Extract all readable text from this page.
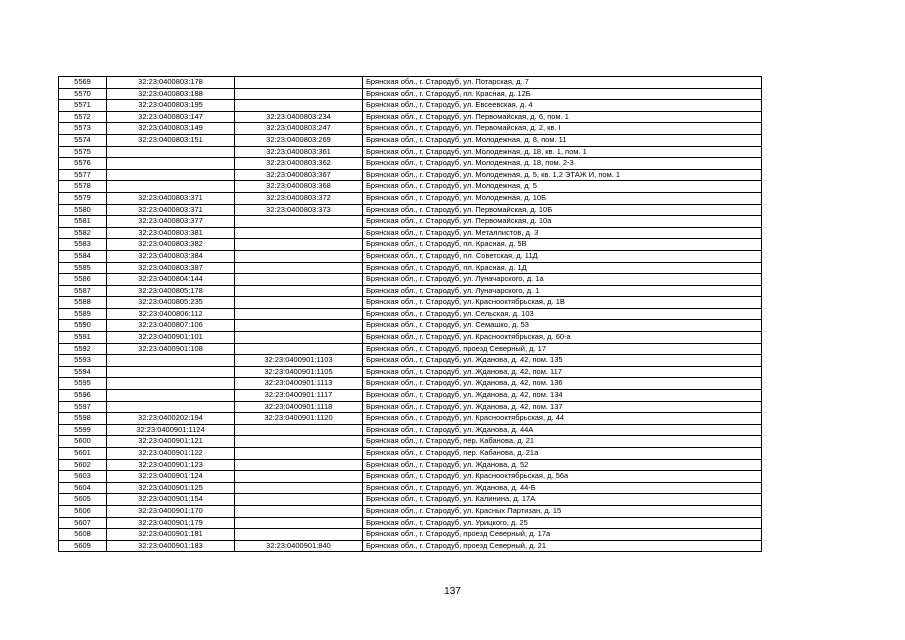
5569	32:23:0400803:178		Брянская обл., г. Стародуб, ул. Потарская, д. 7
5570	32:23:0400803:188		Брянская обл., г. Стародуб, пл. Красная, д. 12Б
5571	32:23:0400803:195		Брянская обл., г. Стародуб, ул. Евсеевская, д. 4
5572	32:23:0400803:147	32:23:0400803:234	Брянская обл., г. Стародуб, ул. Первомайская, д. 6, пом. 1
5573	32:23:0400803:149	32:23:0400803:247	Брянская обл., г. Стародуб, ул. Первомайская, д. 2, кв. I
5574	32:23:0400803:151	32:23:0400803:269	Брянская обл., г. Стародуб, ул. Молодежная, д. 8, пом. 11
5575		32:23:0400803:361	Брянская обл., г. Стародуб, ул. Молодежная, д. 18, кв. 1, пом. 1
5576		32:23:0400803:362	Брянская обл., г. Стародуб, ул. Молодежная, д. 18, пом. 2-3
5577		32:23:0400803:367	Брянская обл., г. Стародуб, ул. Молодежная, д. 5, кв. 1,2 ЭТАЖ И, пом. 1
5578		32:23:0400803:368	Брянская обл., г. Стародуб, ул. Молодежная, д. 5
5579	32:23:0400803:371	32:23:0400803:372	Брянская обл., г. Стародуб, ул. Молодежная, д. 10Б
5580	32:23:0400803:371	32:23:0400803:373	Брянская обл., г. Стародуб, ул. Первомайская, д. 10Б
5581	32:23:0400803:377		Брянская обл., г. Стародуб, ул. Первомайская, д. 10а
5582	32:23:0400803:381		Брянская обл., г. Стародуб, ул. Металлистов, д. 3
5583	32:23:0400803:382		Брянская обл., г. Стародуб, пл. Красная, д. 5В
5584	32:23:0400803:384		Брянская обл., г. Стародуб, пл. Советская, д. 11Д
5585	32:23:0400803:387		Брянская обл., г. Стародуб, пл. Красная, д. 1Д
5586	32:23:0400804:144		Брянская обл., г. Стародуб, ул. Луначарского, д. 1а
5587	32:23:0400805:178		Брянская обл., г. Стародуб, ул. Луначарского, д. 1
5588	32:23:0400805:235		Брянская обл., г. Стародуб, ул. Краснооктябрьская, д. 1В
5589	32:23:0400806:112		Брянская обл., г. Стародуб, ул. Сельская, д. 103
5590	32:23:0400807:106		Брянская обл., г. Стародуб, ул. Семашко, д. 53
5591	32:23:0400901:101		Брянская обл., г. Стародуб, ул. Краснооктябрьская, д. 60-а
5592	32:23:0400901:108		Брянская обл., г. Стародуб, проезд Северный, д. 17
5593		32:23:0400901:1103	Брянская обл., г. Стародуб, ул. Жданова, д. 42, пом. 135
5594		32:23:0400901:1105	Брянская обл., г. Стародуб, ул. Жданова, д. 42, пом. 117
5595		32:23:0400901:1113	Брянская обл., г. Стародуб, ул. Жданова, д. 42, пом. 136
5596		32:23:0400901:1117	Брянская обл., г. Стародуб, ул. Жданова, д. 42, пом. 134
5597		32:23:0400901:1118	Брянская обл., г. Стародуб, ул. Жданова, д. 42, пом. 137
5598	32:23:0400202:194	32:23:0400901:1120	Брянская обл., г. Стародуб, ул. Краснооктябрьская, д. 44
5599	32:23:0400901:1124		Брянская обл., г. Стародуб, ул. Жданова, д. 44А
5600	32:23:0400901:121		Брянская обл., г. Стародуб, пер. Кабанова, д. 21
5601	32:23:0400901:122		Брянская обл., г. Стародуб, пер. Кабанова, д. 21а
5602	32:23:0400901:123		Брянская обл., г. Стародуб, ул. Жданова, д. 52
5603	32:23:0400901:124		Брянская обл., г. Стародуб, ул. Краснооктябрьская, д. 56а
5604	32:23:0400901:125		Брянская обл., г. Стародуб, ул. Жданова, д. 44-Б
5605	32:23:0400901:154		Брянская обл., г. Стародуб, ул. Калинина, д. 17А
5606	32:23:0400901:170		Брянская обл., г. Стародуб, ул. Красных Партизан, д. 15
5607	32:23:0400901:179		Брянская обл., г. Стародуб, ул. Урицкого, д. 25
5608	32:23:0400901:181		Брянская обл., г. Стародуб, проезд Северный, д. 17а
5609	32:23:0400901:183	32:23:0400901:840	Брянская обл., г. Стародуб, проезд Северный, д. 21
137
